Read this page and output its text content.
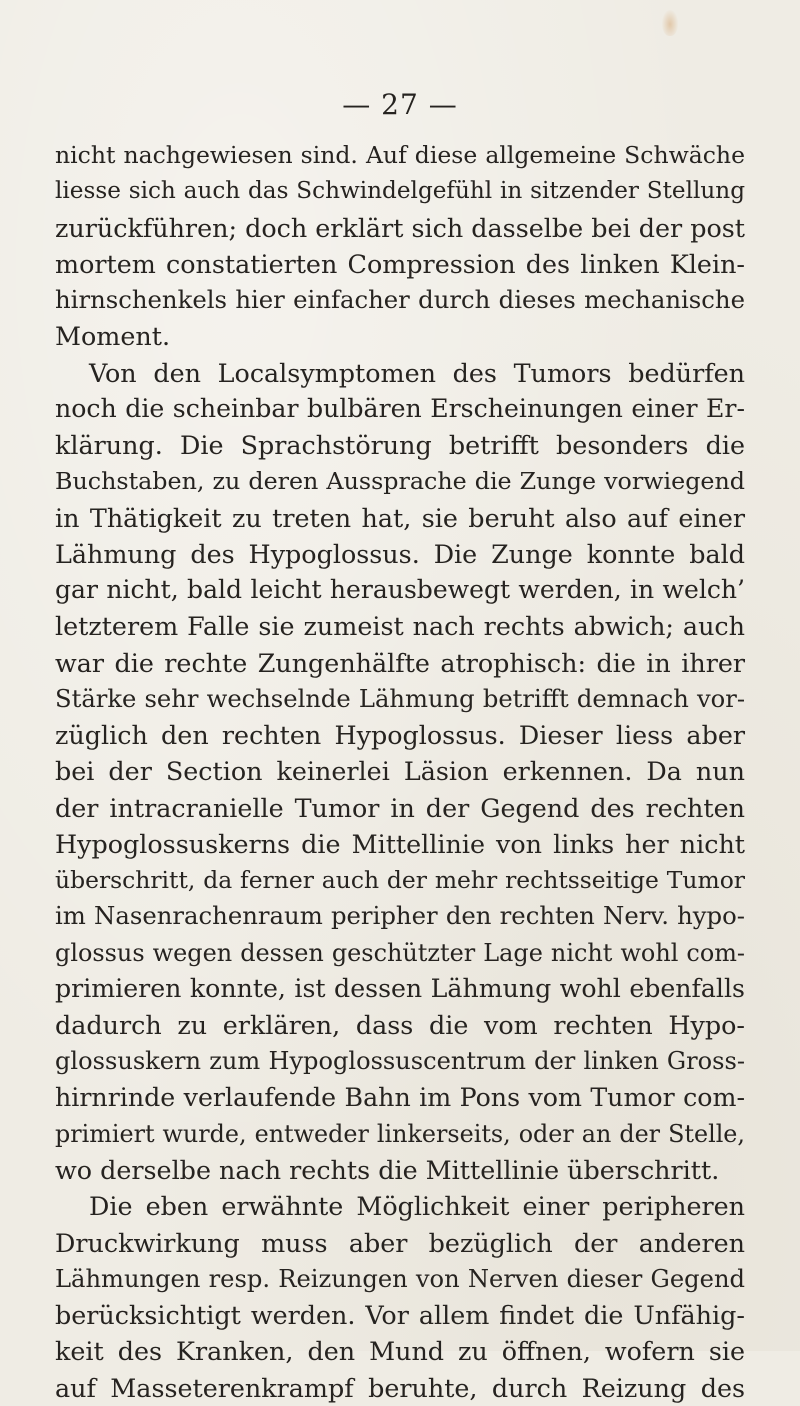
— 27 —
nicht nachgewiesen sind. Auf diese allgemeine Schwäche
liesse sich auch das Schwindelgefühl in sitzender Stellung
zurückführen; doch erklärt sich dasselbe bei der post
mortem constatierten Compression des linken Klein-
hirnschenkels hier einfacher durch dieses mechanische
Moment.
Von den Localsymptomen des Tumors bedürfen
noch die scheinbar bulbären Erscheinungen einer Er-
klärung. Die Sprachstörung betrifft besonders die
Buchstaben, zu deren Aussprache die Zunge vorwiegend
in Thätigkeit zu treten hat, sie beruht also auf einer
Lähmung des Hypoglossus. Die Zunge konnte bald
gar nicht, bald leicht herausbewegt werden, in welch’
letzterem Falle sie zumeist nach rechts abwich; auch
war die rechte Zungenhälfte atrophisch: die in ihrer
Stärke sehr wechselnde Lähmung betrifft demnach vor-
züglich den rechten Hypoglossus. Dieser liess aber
bei der Section keinerlei Läsion erkennen. Da nun
der intracranielle Tumor in der Gegend des rechten
Hypoglossuskerns die Mittellinie von links her nicht
überschritt, da ferner auch der mehr rechtsseitige Tumor
im Nasenrachenraum peripher den rechten Nerv. hypo-
glossus wegen dessen geschützter Lage nicht wohl com-
primieren konnte, ist dessen Lähmung wohl ebenfalls
dadurch zu erklären, dass die vom rechten Hypo-
glossuskern zum Hypoglossuscentrum der linken Gross-
hirnrinde verlaufende Bahn im Pons vom Tumor com-
primiert wurde, entweder linkerseits, oder an der Stelle,
wo derselbe nach rechts die Mittellinie überschritt.
Die eben erwähnte Möglichkeit einer peripheren
Druckwirkung muss aber bezüglich der anderen
Lähmungen resp. Reizungen von Nerven dieser Gegend
berücksichtigt werden. Vor allem findet die Unfähig-
keit des Kranken, den Mund zu öffnen, wofern sie
auf Masseterenkrampf beruhte, durch Reizung des
